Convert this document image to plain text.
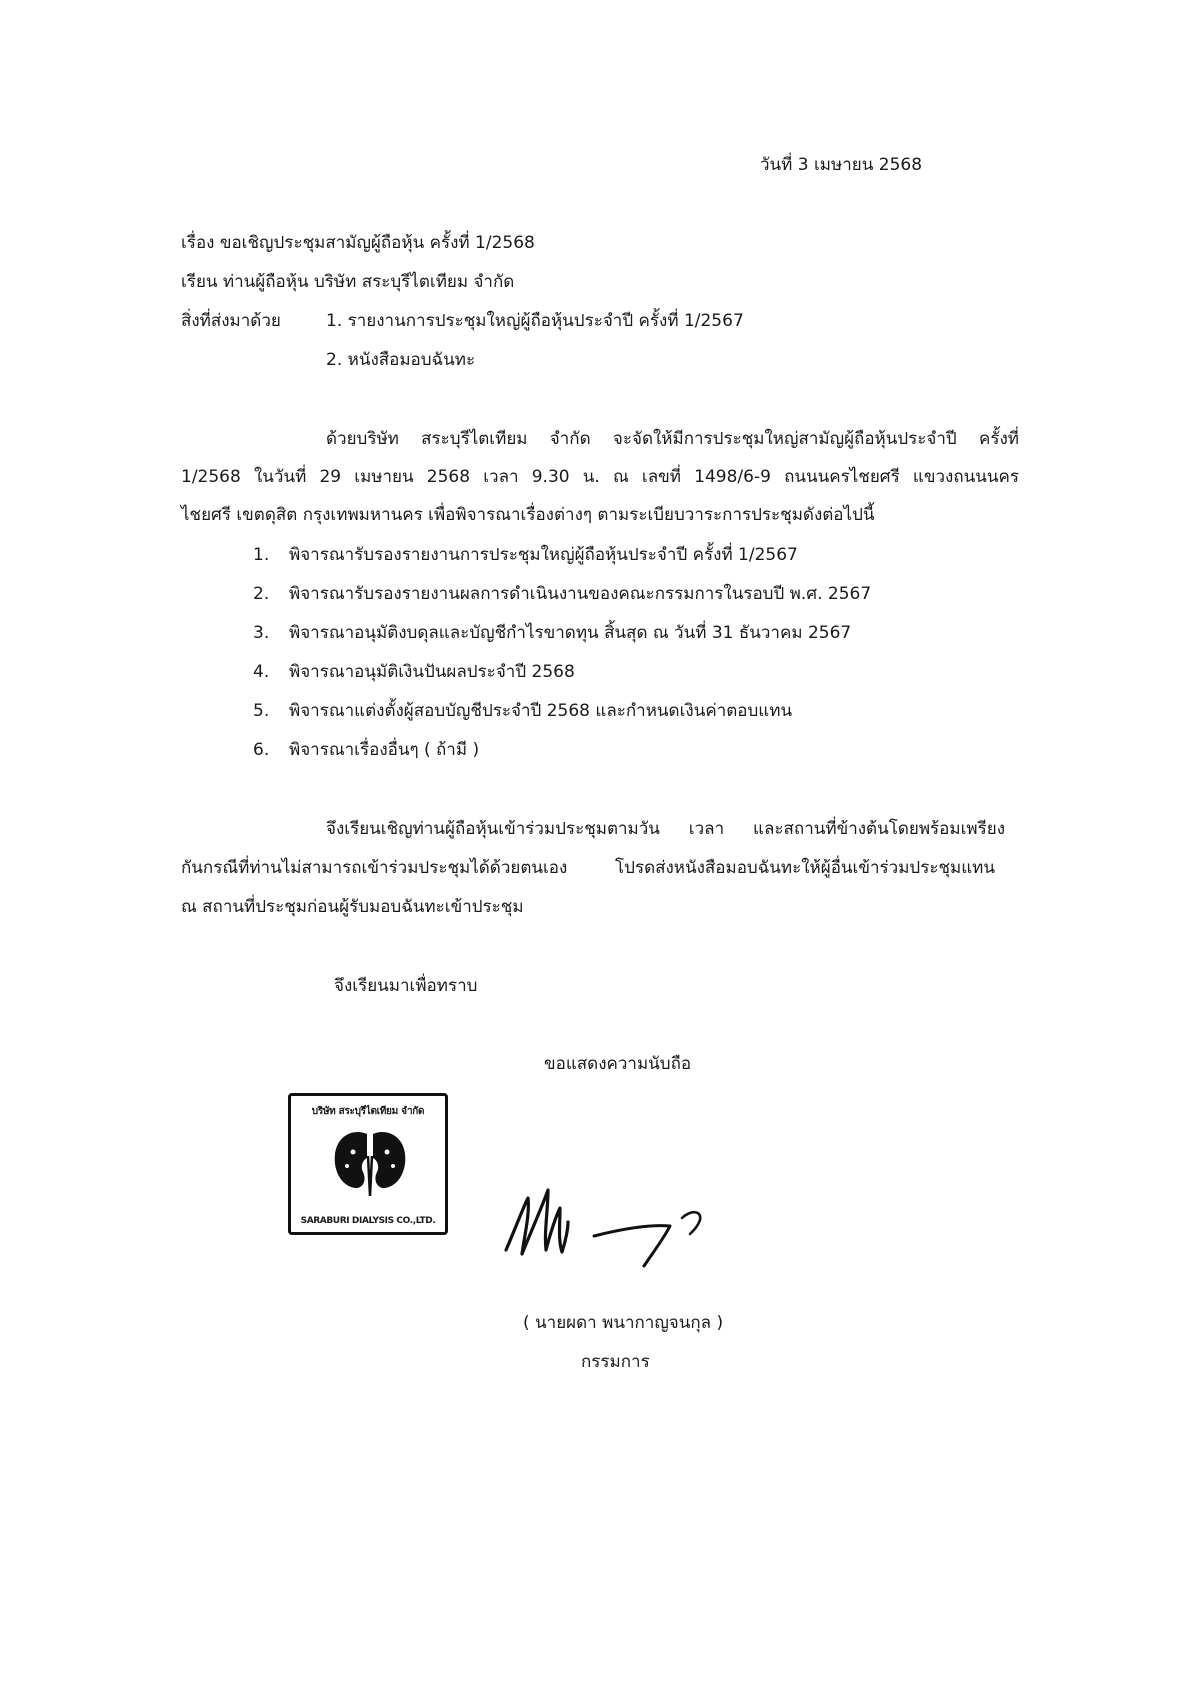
วันที่ 3 เมษายน 2568
เรื่อง ขอเชิญประชุมสามัญผู้ถือหุ้น ครั้งที่ 1/2568
เรียน ท่านผู้ถือหุ้น บริษัท สระบุรีไตเทียม จำกัด
สิ่งที่ส่งมาด้วย	1. รายงานการประชุมใหญ่ผู้ถือหุ้นประจำปี ครั้งที่ 1/2567
2. หนังสือมอบฉันทะ
ด้วยบริษัท สระบุรีไตเทียม จำกัด จะจัดให้มีการประชุมใหญ่สามัญผู้ถือหุ้นประจำปี ครั้งที่
1/2568 ในวันที่ 29 เมษายน 2568 เวลา 9.30 น. ณ เลขที่ 1498/6-9 ถนนนครไชยศรี แขวงถนนนคร
ไชยศรี เขตดุสิต กรุงเทพมหานคร เพื่อพิจารณาเรื่องต่างๆ ตามระเบียบวาระการประชุมดังต่อไปนี้
1. พิจารณารับรองรายงานการประชุมใหญ่ผู้ถือหุ้นประจำปี ครั้งที่ 1/2567
2. พิจารณารับรองรายงานผลการดำเนินงานของคณะกรรมการในรอบปี พ.ศ. 2567
3. พิจารณาอนุมัติงบดุลและบัญชีกำไรขาดทุน สิ้นสุด ณ วันที่ 31 ธันวาคม 2567
4. พิจารณาอนุมัติเงินปันผลประจำปี 2568
5. พิจารณาแต่งตั้งผู้สอบบัญชีประจำปี 2568 และกำหนดเงินค่าตอบแทน
6. พิจารณาเรื่องอื่นๆ ( ถ้ามี )
จึงเรียนเชิญท่านผู้ถือหุ้นเข้าร่วมประชุมตามวัน เวลา และสถานที่ข้างต้นโดยพร้อมเพรียง
กันกรณีที่ท่านไม่สามารถเข้าร่วมประชุมได้ด้วยตนเอง โปรดส่งหนังสือมอบฉันทะให้ผู้อื่นเข้าร่วมประชุมแทน
ณ สถานที่ประชุมก่อนผู้รับมอบฉันทะเข้าประชุม
จึงเรียนมาเพื่อทราบ
ขอแสดงความนับถือ
บริษัท สระบุรีไตเทียม จำกัด
SARABURI DIALYSIS CO.,LTD.
( นายผดา พนากาญจนกุล )
กรรมการ
